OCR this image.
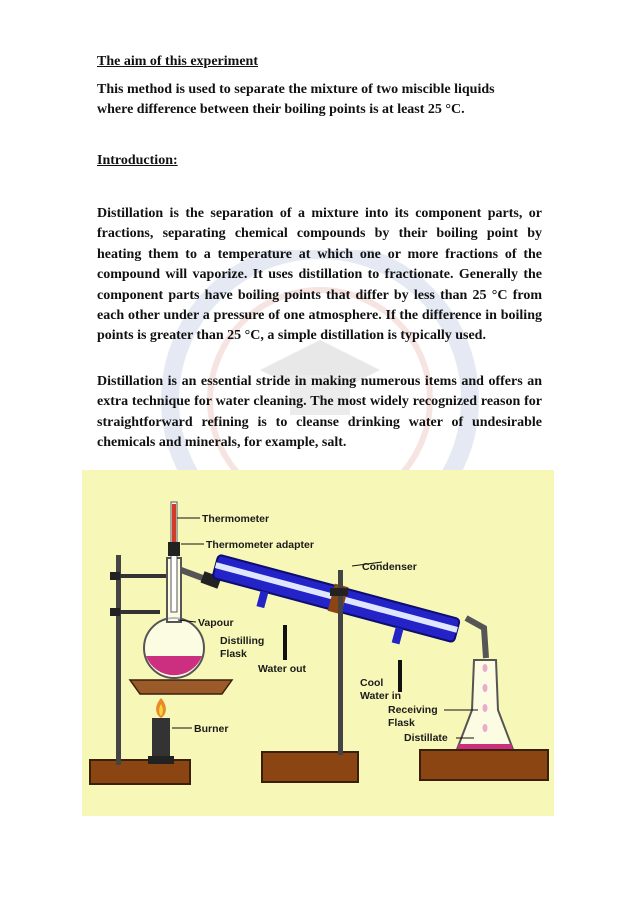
The aim of this experiment
This method is used to separate the mixture of two miscible liquids
where difference between their boiling points is at least 25 °C.
Introduction:
Distillation is the separation of a mixture into its component parts, or fractions, separating chemical compounds by their boiling point by heating them to a temperature at which one or more fractions of the compound will vaporize. It uses distillation to fractionate. Generally the component parts have boiling points that differ by less than 25 °C from each other under a pressure of one atmosphere. If the difference in boiling points is greater than 25 °C, a simple distillation is typically used.
Distillation is an essential stride in making numerous items and offers an extra technique for water cleaning. The most widely recognized reason for straightforward refining is to cleanse drinking water of undesirable chemicals and minerals, for example, salt.
Thermometer
Thermometer adapter
Condenser
Vapour
Distilling
Flask
Water out
Cool
Water in
Receiving
Flask
Distillate
Burner
